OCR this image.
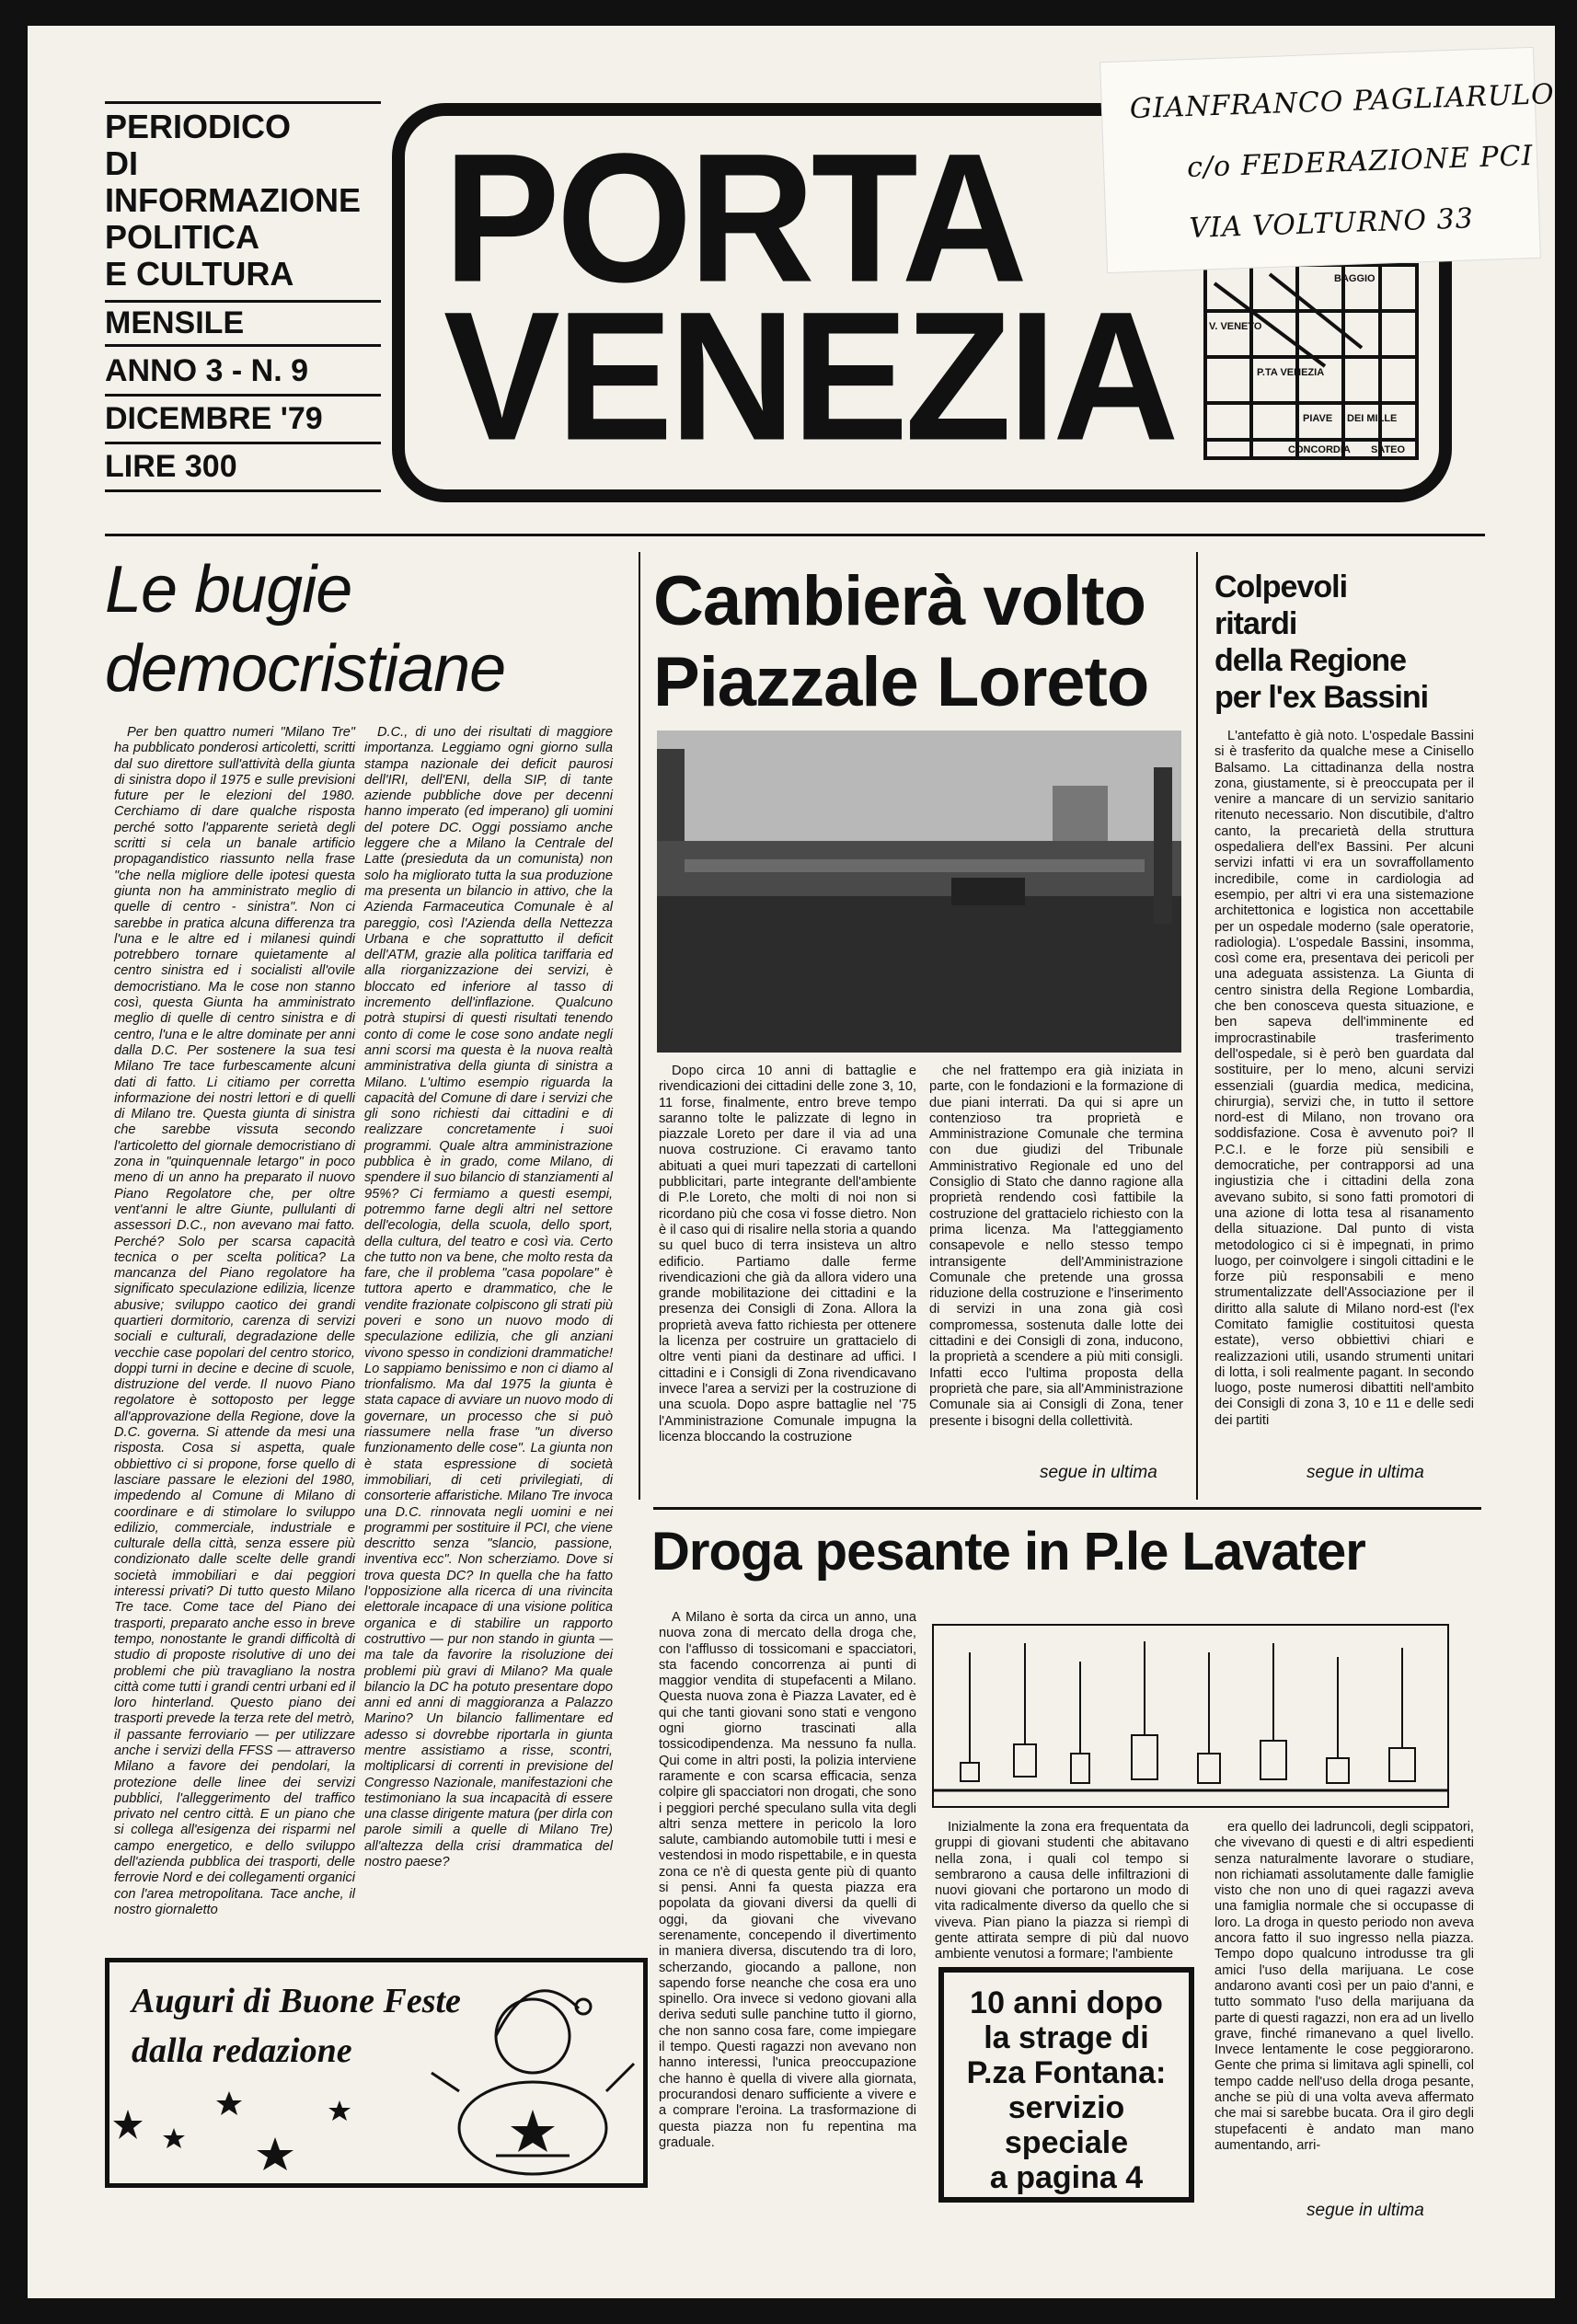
PERIODICO
DI
INFORMAZIONE
POLITICA
E CULTURA
MENSILE
ANNO 3 - N. 9
DICEMBRE '79
LIRE 300
PORTA
VENEZIA	BAGGIO
V. VENETO
P.TA VENEZIA
PIAVE DEI MILLE
CONCORDIA SATEO
GIANFRANCO PAGLIARULO
c/o FEDERAZIONE PCI
VIA VOLTURNO 33
Le bugie
democristiane
Per ben quattro numeri "Milano Tre" ha pubblicato ponderosi articoletti, scritti dal suo direttore sull'attività della giunta di sinistra dopo il 1975 e sulle previsioni future per le elezioni del 1980. Cerchiamo di dare qualche risposta perché sotto l'apparente serietà degli scritti si cela un banale artificio propagandistico riassunto nella frase "che nella migliore delle ipotesi questa giunta non ha amministrato meglio di quelle di centro - sinistra". Non ci sarebbe in pratica alcuna differenza tra l'una e le altre ed i milanesi quindi potrebbero tornare quietamente al centro sinistra ed i socialisti all'ovile democristiano. Ma le cose non stanno così, questa Giunta ha amministrato meglio di quelle di centro sinistra e di centro, l'una e le altre dominate per anni dalla D.C. Per sostenere la sua tesi Milano Tre tace furbescamente alcuni dati di fatto. Li citiamo per corretta informazione dei nostri lettori e di quelli di Milano tre. Questa giunta di sinistra che sarebbe vissuta secondo l'articoletto del giornale democristiano di zona in "quinquennale letargo" in poco meno di un anno ha preparato il nuovo Piano Regolatore che, per oltre vent'anni le altre Giunte, pullulanti di assessori D.C., non avevano mai fatto. Perché? Solo per scarsa capacità tecnica o per scelta politica? La mancanza del Piano regolatore ha significato speculazione edilizia, licenze abusive; sviluppo caotico dei grandi quartieri dormitorio, carenza di servizi sociali e culturali, degradazione delle vecchie case popolari del centro storico, doppi turni in decine e decine di scuole, distruzione del verde. Il nuovo Piano regolatore è sottoposto per legge all'approvazione della Regione, dove la D.C. governa. Si attende da mesi una risposta. Cosa si aspetta, quale obbiettivo ci si propone, forse quello di lasciare passare le elezioni del 1980, impedendo al Comune di Milano di coordinare e di stimolare lo sviluppo edilizio, commerciale, industriale e culturale della città, senza essere più condizionato dalle scelte delle grandi società immobiliari e dai peggiori interessi privati? Di tutto questo Milano Tre tace. Come tace del Piano dei trasporti, preparato anche esso in breve tempo, nonostante le grandi difficoltà di studio di proposte risolutive di uno dei problemi che più travagliano la nostra città come tutti i grandi centri urbani ed il loro hinterland. Questo piano dei trasporti prevede la terza rete del metrò, il passante ferroviario — per utilizzare anche i servizi della FFSS — attraverso Milano a favore dei pendolari, la protezione delle linee dei servizi pubblici, l'alleggerimento del traffico privato nel centro città. E un piano che si collega all'esigenza dei risparmi nel campo energetico, e dello sviluppo dell'azienda pubblica dei trasporti, delle ferrovie Nord e dei collegamenti organici con l'area metropolitana. Tace anche, il nostro giornaletto
D.C., di uno dei risultati di maggiore importanza. Leggiamo ogni giorno sulla stampa nazionale dei deficit paurosi dell'IRI, dell'ENI, della SIP, di tante aziende pubbliche dove per decenni hanno imperato (ed imperano) gli uomini del potere DC. Oggi possiamo anche leggere che a Milano la Centrale del Latte (presieduta da un comunista) non solo ha migliorato tutta la sua produzione ma presenta un bilancio in attivo, che la Azienda Farmaceutica Comunale è al pareggio, così l'Azienda della Nettezza Urbana e che soprattutto il deficit dell'ATM, grazie alla politica tariffaria ed alla riorganizzazione dei servizi, è bloccato ed inferiore al tasso di incremento dell'inflazione. Qualcuno potrà stupirsi di questi risultati tenendo conto di come le cose sono andate negli anni scorsi ma questa è la nuova realtà amministrativa della giunta di sinistra a Milano. L'ultimo esempio riguarda la capacità del Comune di dare i servizi che gli sono richiesti dai cittadini e di realizzare concretamente i suoi programmi. Quale altra amministrazione pubblica è in grado, come Milano, di spendere il suo bilancio di stanziamenti al 95%? Ci fermiamo a questi esempi, potremmo farne degli altri nel settore dell'ecologia, della scuola, dello sport, della cultura, del teatro e così via. Certo che tutto non va bene, che molto resta da fare, che il problema "casa popolare" è tuttora aperto e drammatico, che le vendite frazionate colpiscono gli strati più poveri e sono un nuovo modo di speculazione edilizia, che gli anziani vivono spesso in condizioni drammatiche! Lo sappiamo benissimo e non ci diamo al trionfalismo. Ma dal 1975 la giunta è stata capace di avviare un nuovo modo di governare, un processo che si può riassumere nella frase "un diverso funzionamento delle cose". La giunta non è stata espressione di società immobiliari, di ceti privilegiati, di consorterie affaristiche. Milano Tre invoca una D.C. rinnovata negli uomini e nei programmi per sostituire il PCI, che viene descritto senza "slancio, passione, inventiva ecc". Non scherziamo. Dove si trova questa DC? In quella che ha fatto l'opposizione alla ricerca di una rivincita elettorale incapace di una visione politica organica e di stabilire un rapporto costruttivo — pur non stando in giunta — ma tale da favorire la risoluzione dei problemi più gravi di Milano? Ma quale bilancio la DC ha potuto presentare dopo anni ed anni di maggioranza a Palazzo Marino? Un bilancio fallimentare ed adesso si dovrebbe riportarla in giunta mentre assistiamo a risse, scontri, moltiplicarsi di correnti in previsione del Congresso Nazionale, manifestazioni che testimoniano la sua incapacità di essere una classe dirigente matura (per dirla con parole simili a quelle di Milano Tre) all'altezza della crisi drammatica del nostro paese?
Cambierà volto
Piazzale Loreto
Dopo circa 10 anni di battaglie e rivendicazioni dei cittadini delle zone 3, 10, 11 forse, finalmente, entro breve tempo saranno tolte le palizzate di legno in piazzale Loreto per dare il via ad una nuova costruzione. Ci eravamo tanto abituati a quei muri tapezzati di cartelloni pubblicitari, parte integrante dell'ambiente di P.le Loreto, che molti di noi non si ricordano più che cosa vi fosse dietro. Non è il caso qui di risalire nella storia a quando su quel buco di terra insisteva un altro edificio. Partiamo dalle ferme rivendicazioni che già da allora videro una grande mobilitazione dei cittadini e la presenza dei Consigli di Zona. Allora la proprietà aveva fatto richiesta per ottenere la licenza per costruire un grattacielo di oltre venti piani da destinare ad uffici. I cittadini e i Consigli di Zona rivendicavano invece l'area a servizi per la costruzione di una scuola. Dopo aspre battaglie nel '75 l'Amministrazione Comunale impugna la licenza bloccando la costruzione
che nel frattempo era già iniziata in parte, con le fondazioni e la formazione di due piani interrati. Da qui si apre un contenzioso tra proprietà e Amministrazione Comunale che termina con due giudizi del Tribunale Amministrativo Regionale ed uno del Consiglio di Stato che danno ragione alla proprietà rendendo così fattibile la costruzione del grattacielo richiesto con la prima licenza. Ma l'atteggiamento consapevole e nello stesso tempo intransigente dell'Amministrazione Comunale che pretende una grossa riduzione della costruzione e l'inserimento di servizi in una zona già così compromessa, sostenuta dalle lotte dei cittadini e dei Consigli di zona, inducono, la proprietà a scendere a più miti consigli. Infatti ecco l'ultima proposta della proprietà che pare, sia all'Amministrazione Comunale sia ai Consigli di Zona, tener presente i bisogni della collettività.
segue in ultima
Colpevoli
ritardi
della Regione
per l'ex Bassini
L'antefatto è già noto. L'ospedale Bassini si è trasferito da qualche mese a Cinisello Balsamo. La cittadinanza della nostra zona, giustamente, si è preoccupata per il venire a mancare di un servizio sanitario ritenuto necessario. Non discutibile, d'altro canto, la precarietà della struttura ospedaliera dell'ex Bassini. Per alcuni servizi infatti vi era un sovraffollamento incredibile, come in cardiologia ad esempio, per altri vi era una sistemazione architettonica e logistica non accettabile per un ospedale moderno (sale operatorie, radiologia). L'ospedale Bassini, insomma, così come era, presentava dei pericoli per una adeguata assistenza. La Giunta di centro sinistra della Regione Lombardia, che ben conosceva questa situazione, e ben sapeva dell'imminente ed improcrastinabile trasferimento dell'ospedale, si è però ben guardata dal sostituire, per lo meno, alcuni servizi essenziali (guardia medica, medicina, chirurgia), servizi che, in tutto il settore nord-est di Milano, non trovano ora soddisfazione. Cosa è avvenuto poi? Il P.C.I. e le forze più sensibili e democratiche, per contrapporsi ad una ingiustizia che i cittadini della zona avevano subito, si sono fatti promotori di una azione di lotta tesa al risanamento della situazione. Dal punto di vista metodologico ci si è impegnati, in primo luogo, per coinvolgere i singoli cittadini e le forze più responsabili e meno strumentalizzate dell'Associazione per il diritto alla salute di Milano nord-est (l'ex Comitato famiglie costituitosi questa estate), verso obbiettivi chiari e realizzazioni utili, usando strumenti unitari di lotta, i soli realmente pagant. In secondo luogo, poste numerosi dibattiti nell'ambito dei Consigli di zona 3, 10 e 11 e delle sedi dei partiti
segue in ultima
Droga pesante in P.le Lavater
A Milano è sorta da circa un anno, una nuova zona di mercato della droga che, con l'afflusso di tossicomani e spacciatori, sta facendo concorrenza ai punti di maggior vendita di stupefacenti a Milano. Questa nuova zona è Piazza Lavater, ed è qui che tanti giovani sono stati e vengono ogni giorno trascinati alla tossicodipendenza. Ma nessuno fa nulla. Qui come in altri posti, la polizia interviene raramente e con scarsa efficacia, senza colpire gli spacciatori non drogati, che sono i peggiori perché speculano sulla vita degli altri senza mettere in pericolo la loro salute, cambiando automobile tutti i mesi e vestendosi in modo rispettabile, e in questa zona ce n'è di questa gente più di quanto si pensi. Anni fa questa piazza era popolata da giovani diversi da quelli di oggi, da giovani che vivevano serenamente, concependo il divertimento in maniera diversa, discutendo tra di loro, scherzando, giocando a pallone, non sapendo forse neanche che cosa era uno spinello. Ora invece si vedono giovani alla deriva seduti sulle panchine tutto il giorno, che non sanno cosa fare, come impiegare il tempo. Questi ragazzi non avevano non hanno interessi, l'unica preoccupazione che hanno è quella di vivere alla giornata, procurandosi denaro sufficiente a vivere e a comprare l'eroina. La trasformazione di questa piazza non fu repentina ma graduale.
Inizialmente la zona era frequentata da gruppi di giovani studenti che abitavano nella zona, i quali col tempo si sembrarono a causa delle infiltrazioni di nuovi giovani che portarono un modo di vita radicalmente diverso da quello che si viveva. Pian piano la piazza si riempì di gente attirata sempre di più dal nuovo ambiente venutosi a formare; l'ambiente
era quello dei ladruncoli, degli scippatori, che vivevano di questi e di altri espedienti senza naturalmente lavorare o studiare, non richiamati assolutamente dalle famiglie visto che non uno di quei ragazzi aveva una famiglia normale che si occupasse di loro. La droga in questo periodo non aveva ancora fatto il suo ingresso nella piazza. Tempo dopo qualcuno introdusse tra gli amici l'uso della marijuana. Le cose andarono avanti così per un paio d'anni, e tutto sommato l'uso della marijuana da parte di questi ragazzi, non era ad un livello grave, finché rimanevano a quel livello. Invece lentamente le cose peggiorarono. Gente che prima si limitava agli spinelli, col tempo cadde nell'uso della droga pesante, anche se più di una volta aveva affermato che mai si sarebbe bucata. Ora il giro degli stupefacenti è andato man mano aumentando, arri-
segue in ultima
10 anni dopo
la strage di
P.za Fontana:
servizio
speciale
a pagina 4
Auguri di Buone Feste
dalla redazione
